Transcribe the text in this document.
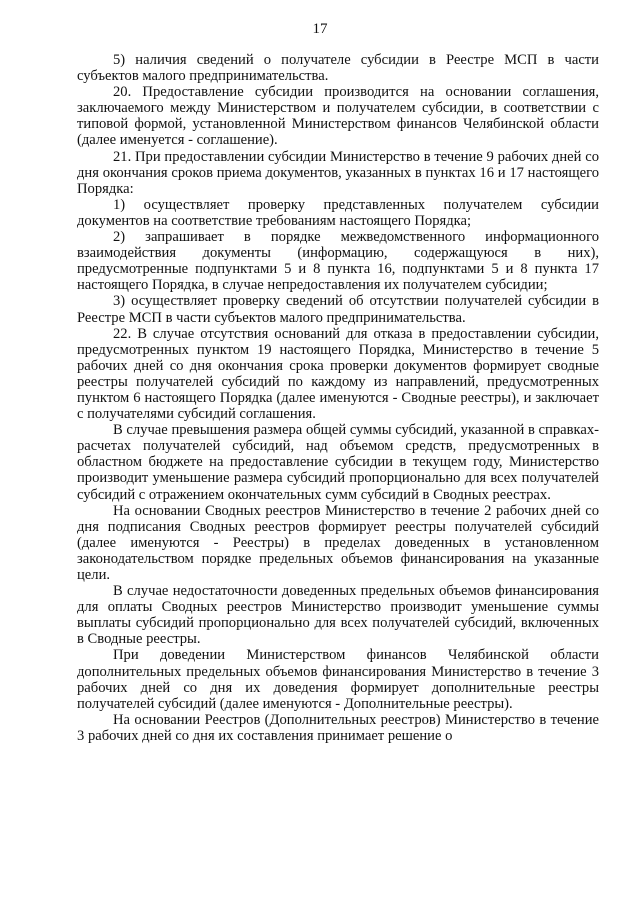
17

5) наличия сведений о получателе субсидии в Реестре МСП в части субъектов малого предпринимательства.

20. Предоставление субсидии производится на основании соглашения, заключаемого между Министерством и получателем субсидии, в соответствии с типовой формой, установленной Министерством финансов Челябинской области (далее именуется - соглашение).

21. При предоставлении субсидии Министерство в течение 9 рабочих дней со дня окончания сроков приема документов, указанных в пунктах 16 и 17 настоящего Порядка:

1) осуществляет проверку представленных получателем субсидии документов на соответствие требованиям настоящего Порядка;

2) запрашивает в порядке межведомственного информационного взаимодействия документы (информацию, содержащуюся в них), предусмотренные подпунктами 5 и 8 пункта 16, подпунктами 5 и 8 пункта 17 настоящего Порядка, в случае непредоставления их получателем субсидии;

3) осуществляет проверку сведений об отсутствии получателей субсидии в Реестре МСП в части субъектов малого предпринимательства.

22. В случае отсутствия оснований для отказа в предоставлении субсидии, предусмотренных пунктом 19 настоящего Порядка, Министерство в течение 5 рабочих дней со дня окончания срока проверки документов формирует сводные реестры получателей субсидий по каждому из направлений, предусмотренных пунктом 6 настоящего Порядка (далее именуются - Сводные реестры), и заключает с получателями субсидий соглашения.

В случае превышения размера общей суммы субсидий, указанной в справках-расчетах получателей субсидий, над объемом средств, предусмотренных в областном бюджете на предоставление субсидии в текущем году, Министерство производит уменьшение размера субсидий пропорционально для всех получателей субсидий с отражением окончательных сумм субсидий в Сводных реестрах.

На основании Сводных реестров Министерство в течение 2 рабочих дней со дня подписания Сводных реестров формирует реестры получателей субсидий (далее именуются - Реестры) в пределах доведенных в установленном законодательством порядке предельных объемов финансирования на указанные цели.

В случае недостаточности доведенных предельных объемов финансирования для оплаты Сводных реестров Министерство производит уменьшение суммы выплаты субсидий пропорционально для всех получателей субсидий, включенных в Сводные реестры.

При доведении Министерством финансов Челябинской области дополнительных предельных объемов финансирования Министерство в течение 3 рабочих дней со дня их доведения формирует дополнительные реестры получателей субсидий (далее именуются - Дополнительные реестры).

На основании Реестров (Дополнительных реестров) Министерство в течение 3 рабочих дней со дня их составления принимает решение о
